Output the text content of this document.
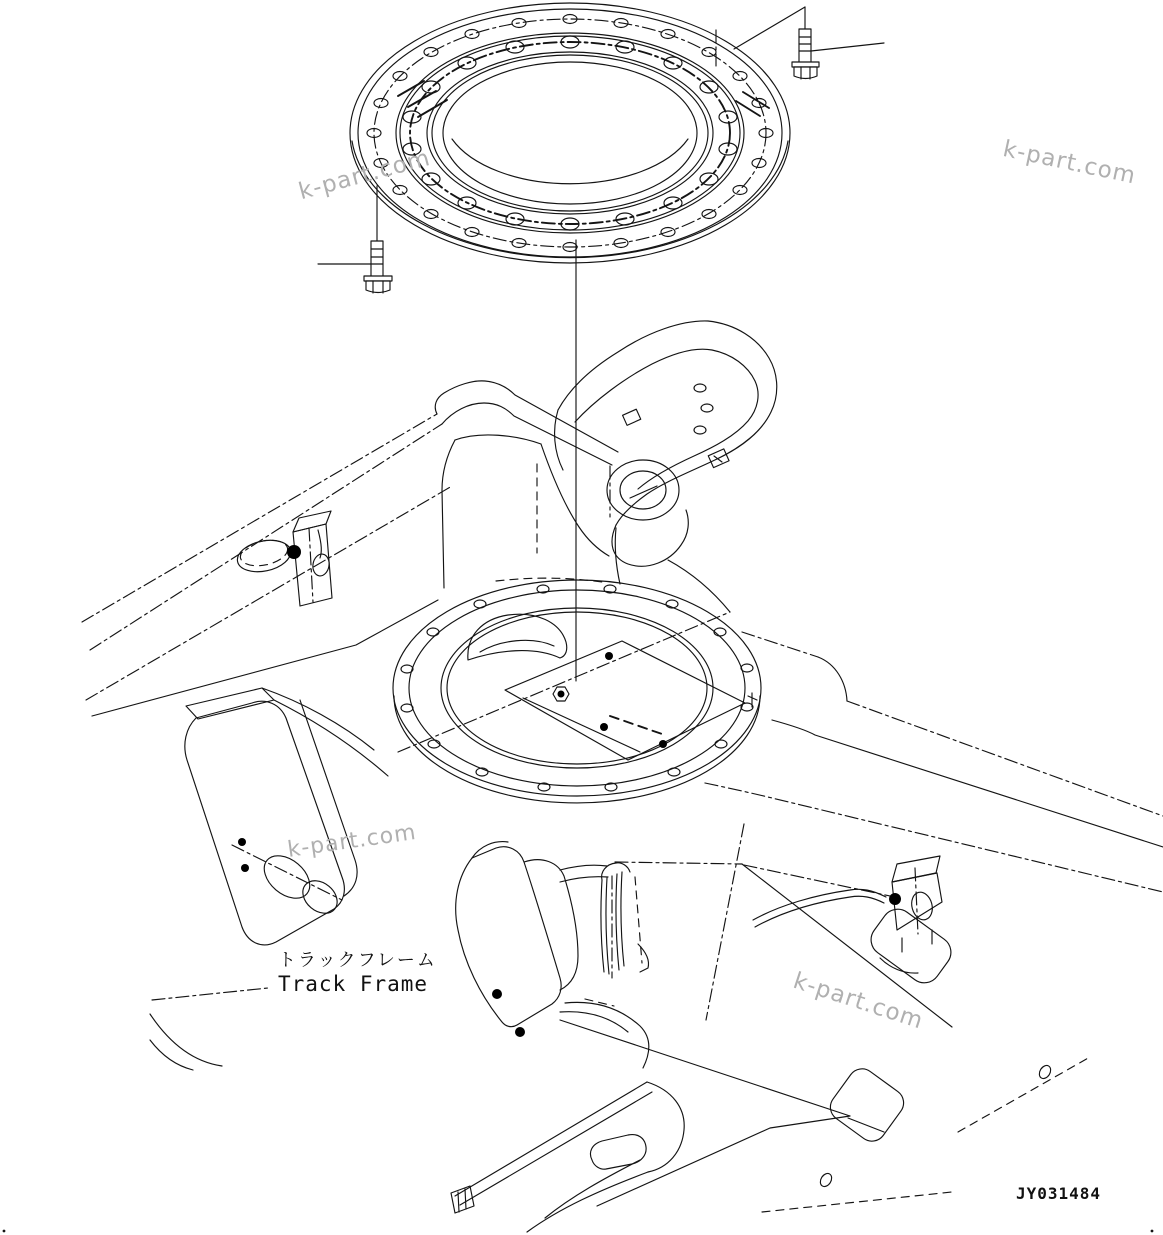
k-part.com	k-part.com
k-part.com
k-part.com
トラックフレーム
Track Frame
JY031484
